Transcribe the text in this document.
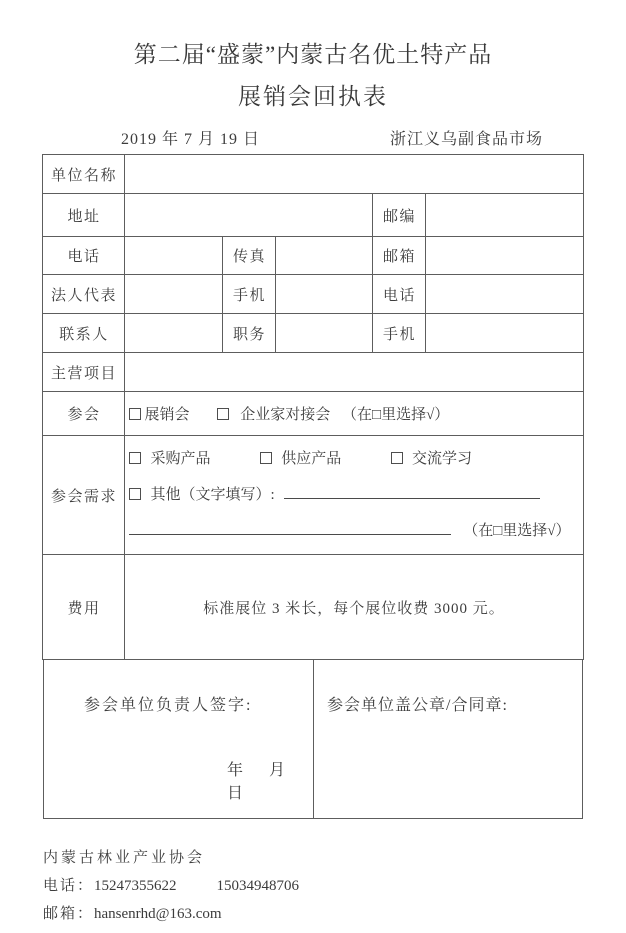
第二届“盛蒙”内蒙古名优土特产品
展销会回执表
2019 年 7 月 19 日	浙江义乌副食品市场
单位名称					
地址				邮编	
电话		传真		邮箱	
法人代表		手机		电话	
联系人		职务		手机	
主营项目					
参会	展销会 企业家对接会 （在□里选择√）				
参会需求	采购产品 供应产品 交流学习
其他（文字填写）:
（在□里选择√）				

费用	标准展位 3 米长，每个展位收费 3000 元。				
参会单位负责人签字:
年 月 日
参会单位盖公章/合同章:
内蒙古林业产业协会
电话：15247355622	15034948706
邮箱：hansenrhd@163.com
